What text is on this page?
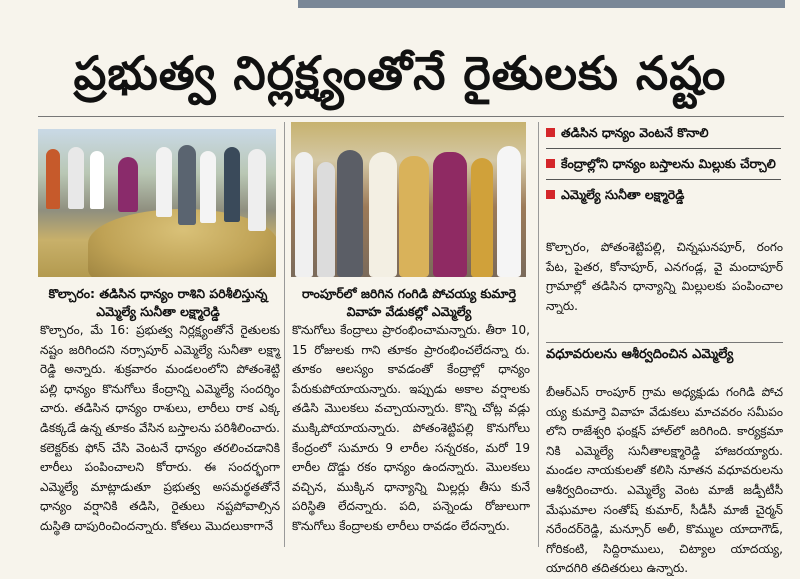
ప్రభుత్వ నిర్లక్ష్యంతోనే రైతులకు నష్టం
కొల్చారం: తడిసిన ధాన్యం రాశిని పరిశీలిస్తున్న ఎమ్మెల్యే సునీతా లక్ష్మారెడ్డి
రాంపూర్‌లో జరిగిన గంగిడి పోచయ్య కుమార్తె వివాహ వేడుకల్లో ఎమ్మెల్యే
తడిసిన ధాన్యం వెంటనే కొనాలి
కేంద్రాల్లోని ధాన్యం బస్తాలను మిల్లుకు చేర్చాలి
ఎమ్మెల్యే సునీతా లక్ష్మారెడ్డి
కొల్చారం, పోతంశెట్టిపల్లి, చిన్నఘనపూర్, రంగం పేట, పైతర, కోనాపూర్, ఎనగండ్ల, వై మందాపూర్ గ్రామాల్లో తడిసిన ధాన్యాన్ని మిల్లులకు పంపించాల న్నారు.
వధూవరులను ఆశీర్వదించిన ఎమ్మెల్యే
బీఆర్ఎస్ రాంపూర్ గ్రామ అధ్యక్షుడు గంగిడి పోచ య్య కుమార్తె వివాహ వేడుకలు మాచవరం సమీపం లోని రాజేశ్వరి ఫంక్షన్ హాల్‌లో జరిగింది. కార్యక్రమా నికి ఎమ్మెల్యే సునీతాలక్ష్మారెడ్డి హాజరయ్యారు. మండల నాయకులతో కలిసి నూతన వధూవరులను ఆశీర్వదించారు. ఎమ్మెల్యే వెంట మాజీ జడ్పీటీసీ మేఘమాల సంతోష్ కుమార్, సీడీసీ మాజీ చైర్మన్ నరేందర్‌రెడ్డి, మన్సూర్ అలీ, కొమ్ముల యాదాగౌడ్, గోరికంటి, సిద్దిరాములు, చిట్యాల యాదయ్య, యాదగిరి తదితరులు ఉన్నారు.
కొల్చారం, మే 16: ప్రభుత్వ నిర్లక్ష్యంతోనే రైతులకు నష్టం జరిగిందని నర్సాపూర్ ఎమ్మెల్యే సునీతా లక్ష్మా రెడ్డి అన్నారు. శుక్రవారం మండలంలోని పోతంశెట్టి పల్లి ధాన్యం కొనుగోలు కేంద్రాన్ని ఎమ్మెల్యే సందర్శిం చారు. తడిసిన ధాన్యం రాశులు, లారీలు రాక ఎక్క డికక్కడే ఉన్న తూకం వేసిన బస్తాలను పరిశీలించారు. కలెక్టర్‌కు ఫోన్ చేసి వెంటనే ధాన్యం తరలించడానికి లారీలు పంపించాలని కోరారు. ఈ సందర్భంగా ఎమ్మెల్యే మాట్లాడుతూ ప్రభుత్వ అసమర్థతతోనే ధాన్యం వర్షానికి తడిసి, రైతులు నష్టపోవాల్సిన దుస్థితి దాపురించిందన్నారు. కోతలు మొదలుకాగానే
కొనుగోలు కేంద్రాలు ప్రారంభించామన్నారు. తీరా 10, 15 రోజులకు గాని తూకం ప్రారంభించలేదన్నా రు. తూకం ఆలస్యం కావడంతో కేంద్రాల్లో ధాన్యం పేరుకుపోయాయన్నారు. ఇప్పుడు అకాల వర్షాలకు తడిసి మొలకలు వచ్చాయన్నారు. కొన్ని చోట్ల వడ్లు ముక్కిపోయాయన్నారు. పోతంశెట్టిపల్లి కొనుగోలు కేంద్రంలో సుమారు 9 లారీల సన్నరకం, మరో 19 లారీల దొడ్డు రకం ధాన్యం ఉందన్నారు. మొలకలు వచ్చిన, ముక్కిన ధాన్యాన్ని మిల్లర్లు తీసు కునే పరిస్థితి లేదన్నారు. పది, పన్నెండు రోజులుగా కొనుగోలు కేంద్రాలకు లారీలు రావడం లేదన్నారు.
